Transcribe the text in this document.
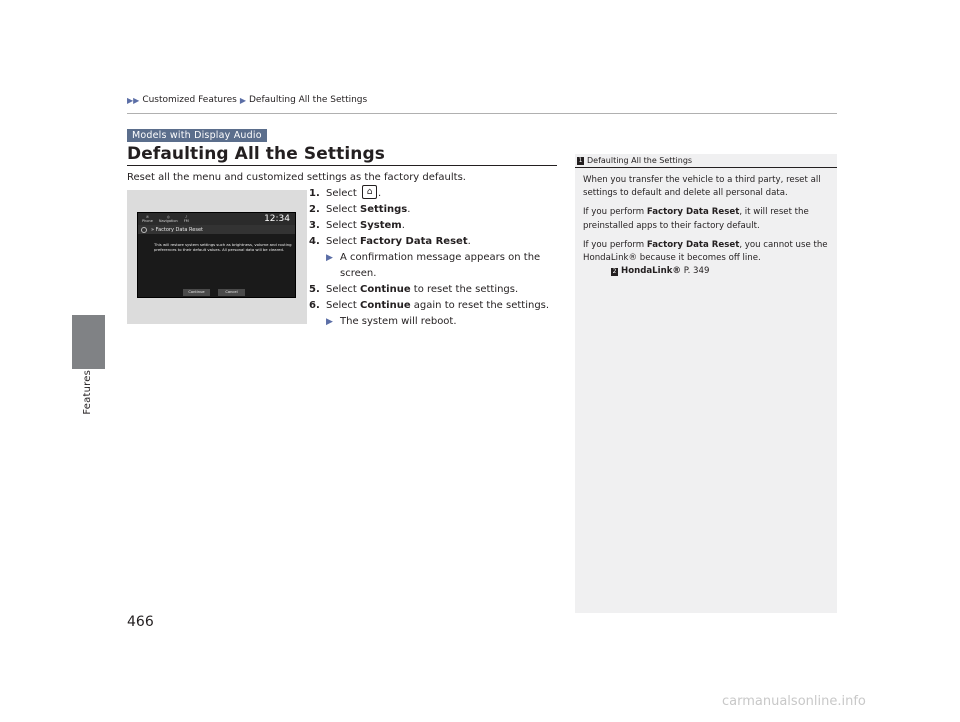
Features
▶▶ Customized Features ▶ Defaulting All the Settings
Models with Display Audio
Defaulting All the Settings
Reset all the menu and customized settings as the factory defaults.
✆
Phone
◎
Navigation
♪
FM	12:34
» Factory Data Reset
This will restore system settings such as brightness, volume and routing preferences to their default values. All personal data will be cleared.
Continue	Cancel
1. Select ⌂ .
2. Select Settings.
3. Select System.
4. Select Factory Data Reset.
▶ A confirmation message appears on the screen.
5. Select Continue to reset the settings.
6. Select Continue again to reset the settings.
▶ The system will reboot.
1 Defaulting All the Settings

When you transfer the vehicle to a third party, reset all settings to default and delete all personal data.

If you perform Factory Data Reset, it will reset the preinstalled apps to their factory default.

If you perform Factory Data Reset, you cannot use the HondaLink® because it becomes off line.

2 HondaLink® P. 349
466
carmanualsonline.info
